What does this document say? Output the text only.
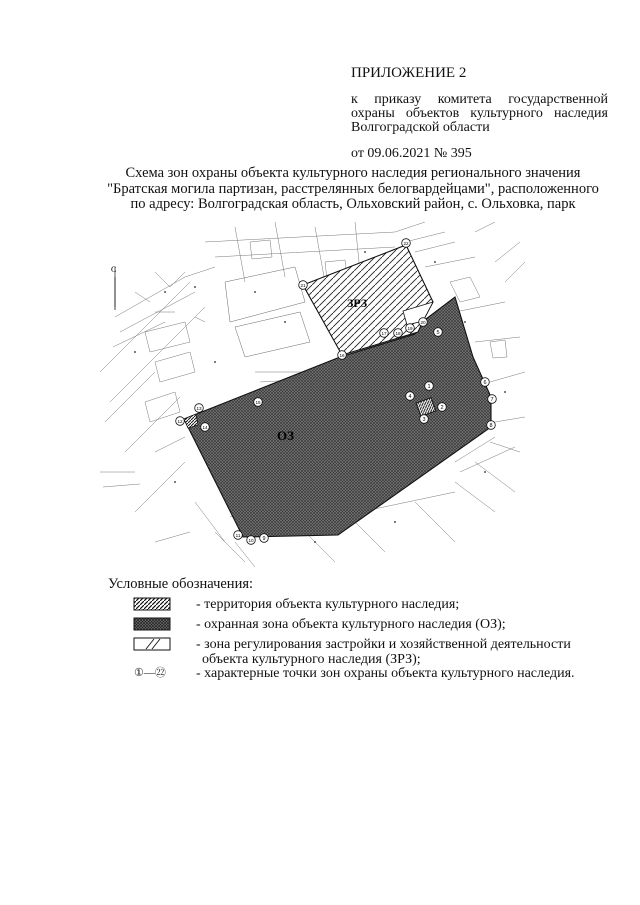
ПРИЛОЖЕНИЕ 2
к приказу комитета государственной охраны объектов культурного наследия Волгоградской области
от 09.06.2021 № 395
Схема зон охраны объекта культурного наследия регионального значения
"Братская могила партизан, расстрелянных белогвардейцами", расположенного
по адресу: Волгоградская область, Ольховский район, с. Ольховка, парк
С
ОЗ
ЗРЗ
1
2
3
4
5
6
7
8
9
10
11
12
13
14
15
16
17 18
19
20
21
22
Условные обозначения:
- территория объекта культурного наследия;
- охранная зона объекта культурного наследия (ОЗ);
- зона регулирования застройки и хозяйственной деятельности
объекта культурного наследия (ЗРЗ);
①—㉒	- характерные точки зон охраны объекта культурного наследия.
